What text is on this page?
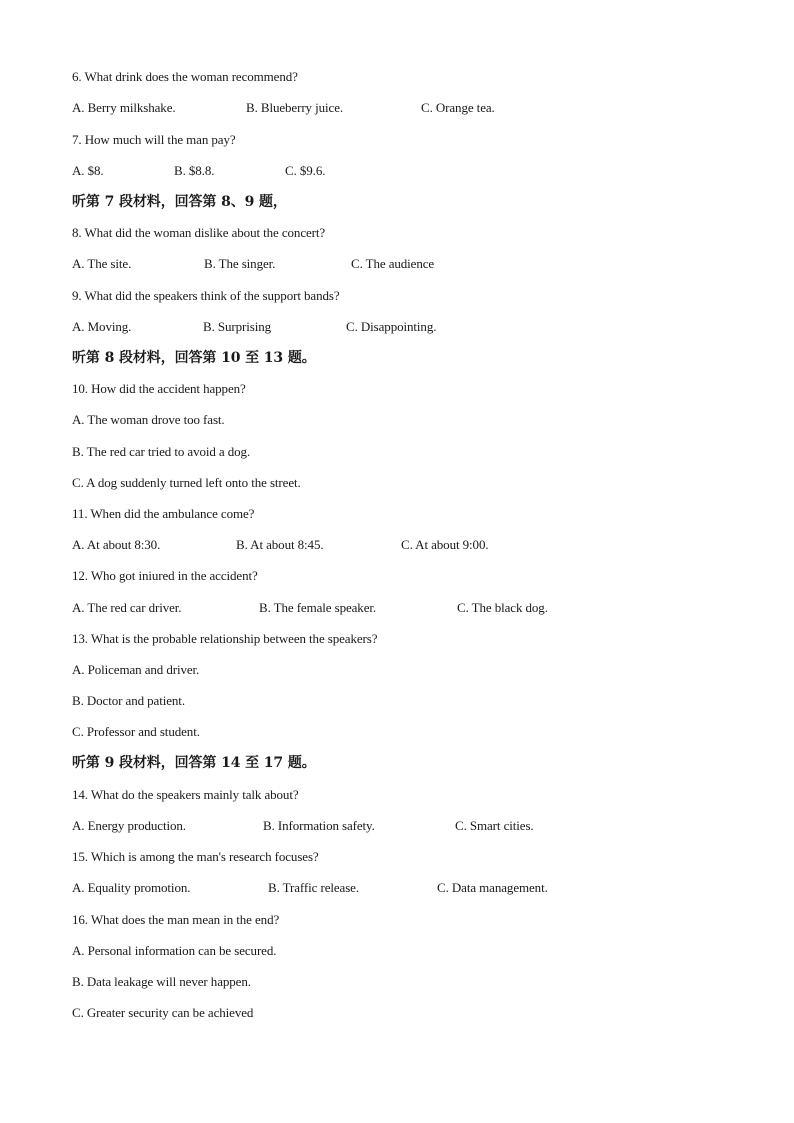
6. What drink does the woman recommend?
A. Berry milkshake.	B. Blueberry juice.	C. Orange tea.
7. How much will the man pay?
A. $8.	B. $8.8.	C. $9.6.
听第 7 段材料，回答第 8、9 题，
8. What did the woman dislike about the concert?
A. The site.	B. The singer.	C. The audience
9. What did the speakers think of the support bands?
A. Moving.	B. Surprising	C. Disappointing.
听第 8 段材料，回答第 10 至 13 题。
10. How did the accident happen?
A. The woman drove too fast.
B. The red car tried to avoid a dog.
C. A dog suddenly turned left onto the street.
11. When did the ambulance come?
A. At about 8:30.	B. At about 8:45.	C. At about 9:00.
12. Who got iniured in the accident?
A. The red car driver.	B. The female speaker.	C. The black dog.
13. What is the probable relationship between the speakers?
A. Policeman and driver.
B. Doctor and patient.
C. Professor and student.
听第 9 段材料，回答第 14 至 17 题。
14. What do the speakers mainly talk about?
A. Energy production.	B. Information safety.	C. Smart cities.
15. Which is among the man's research focuses?
A. Equality promotion.	B. Traffic release.	C. Data management.
16. What does the man mean in the end?
A. Personal information can be secured.
B. Data leakage will never happen.
C. Greater security can be achieved
